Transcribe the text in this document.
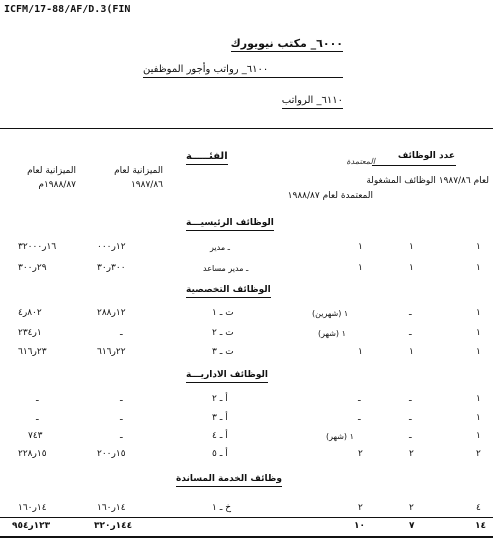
ICFM/17-88/AF/D.3(FIN
٦٠٠٠_ مكتب نيويورك
٦١٠٠_ رواتب وأجور الموظفين
٦١١٠_ الرواتب
عدد الوظائف
لعام ١٩٨٧/٨٦ الوظائف المشغولة
المعتمدة
المعتمدة لعام ١٩٨٨/٨٧
الفئـــــة
الميزانية لعام ١٩٨٧/٨٦
الميزانية لعام ١٩٨٨/٨٧م
الوظائف الرئيسيـــة
١
١
١
ـ مدير
١٢ر٠٠٠
١٦ر٣٢٠٠٠
١
١
١
ـ مدير مساعد
٣٠٠ر٣٠
٢٩ر٣٠٠
الوظائف التخصصية
١
ـ
١ (شهرين)
ت ـ ١
١٢ر٢٨٨
٨٠٢ر٤
١
ـ
١ (شهر)
ت ـ ٢
ـ
١ر٢٣٤
١
١
١
ت ـ ٣
٢٢ر٦١٦
٢٣ر٦١٦
الوظائف الاداريـــة
١
ـ
ـ
أ ـ ٢
ـ
ـ
١
ـ
ـ
أ ـ ٣
ـ
ـ
١
ـ
١ (شهر)
أ ـ ٤
ـ
٧٤٣
٢
٢
٢
أ ـ ٥
١٥ر٢٠٠
١٥ر٢٢٨
وظائف الخدمة المساندة
٤
٢
٢
خ ـ ١
١٤ر١٦٠
١٤ر١٦٠
١٤
٧
١٠
١٤٤ر٣٢٠
١٢٣ر٩٥٤
